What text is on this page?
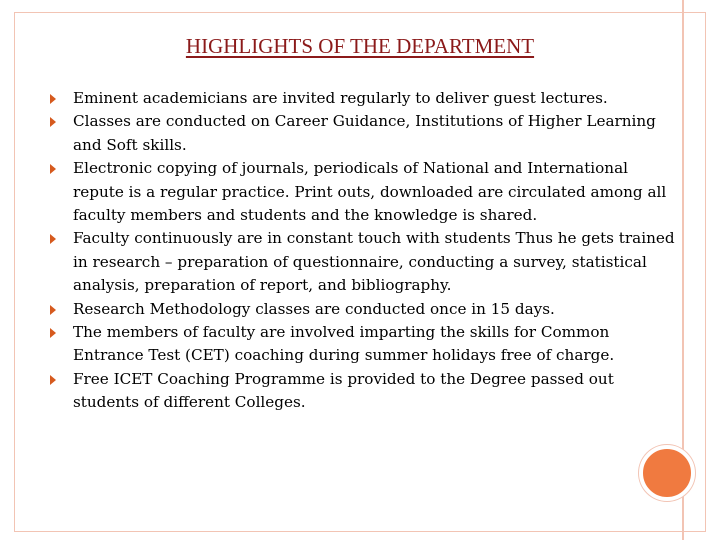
HIGHLIGHTS OF THE DEPARTMENT
Eminent academicians are invited regularly to deliver guest lectures.
Classes are conducted on Career Guidance, Institutions of Higher Learning and Soft skills.
Electronic copying of journals, periodicals of National and International repute is a regular practice. Print outs, downloaded are circulated among all faculty members and students and the knowledge is shared.
Faculty continuously are in constant touch with students Thus he gets trained in research – preparation of questionnaire, conducting a survey, statistical analysis, preparation of report, and bibliography.
Research Methodology classes are conducted once in 15 days.
The members of faculty are involved imparting the skills for Common Entrance Test (CET) coaching during summer holidays free of charge.
Free ICET Coaching Programme is provided to the Degree passed out students of different Colleges.
